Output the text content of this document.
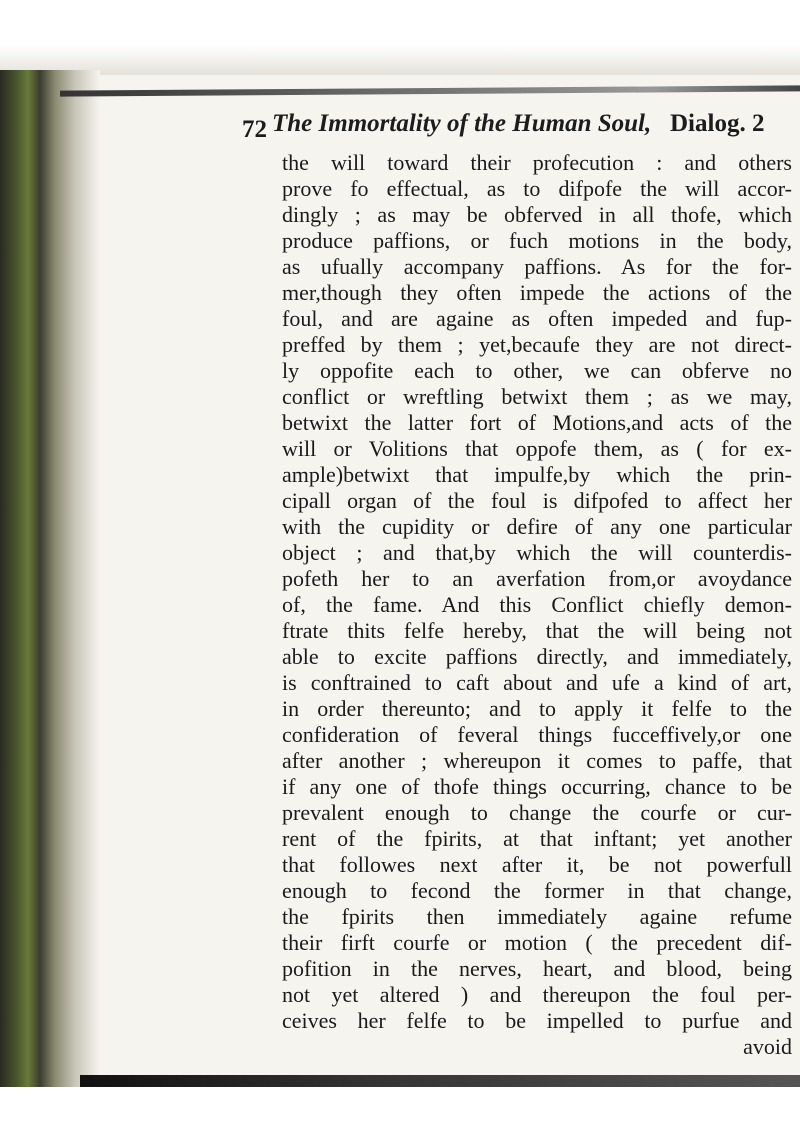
72 The Immortality of the Human Soul, Dialog. 2
the will toward their profecution : and others
prove fo effectual, as to difpofe the will accor-
dingly ; as may be obferved in all thofe, which
produce paffions, or fuch motions in the body,
as ufually accompany paffions. As for the for-
mer,though they often impede the actions of the
foul, and are againe as often impeded and fup-
preffed by them ; yet,becaufe they are not direct-
ly oppofite each to other, we can obferve no
conflict or wreftling betwixt them ; as we may,
betwixt the latter fort of Motions,and acts of the
will or Volitions that oppofe them, as ( for ex-
ample)betwixt that impulfe,by which the prin-
cipall organ of the foul is difpofed to affect her
with the cupidity or defire of any one particular
object ; and that,by which the will counterdis-
pofeth her to an averfation from,or avoydance
of, the fame. And this Conflict chiefly demon-
ftrate thits felfe hereby, that the will being not
able to excite paffions directly, and immediately,
is conftrained to caft about and ufe a kind of art,
in order thereunto; and to apply it felfe to the
confideration of feveral things fucceffively,or one
after another ; whereupon it comes to paffe, that
if any one of thofe things occurring, chance to be
prevalent enough to change the courfe or cur-
rent of the fpirits, at that inftant; yet another
that followes next after it, be not powerfull
enough to fecond the former in that change,
the fpirits then immediately againe refume
their firft courfe or motion ( the precedent dif-
pofition in the nerves, heart, and blood, being
not yet altered ) and thereupon the foul per-
ceives her felfe to be impelled to purfue and
avoid
